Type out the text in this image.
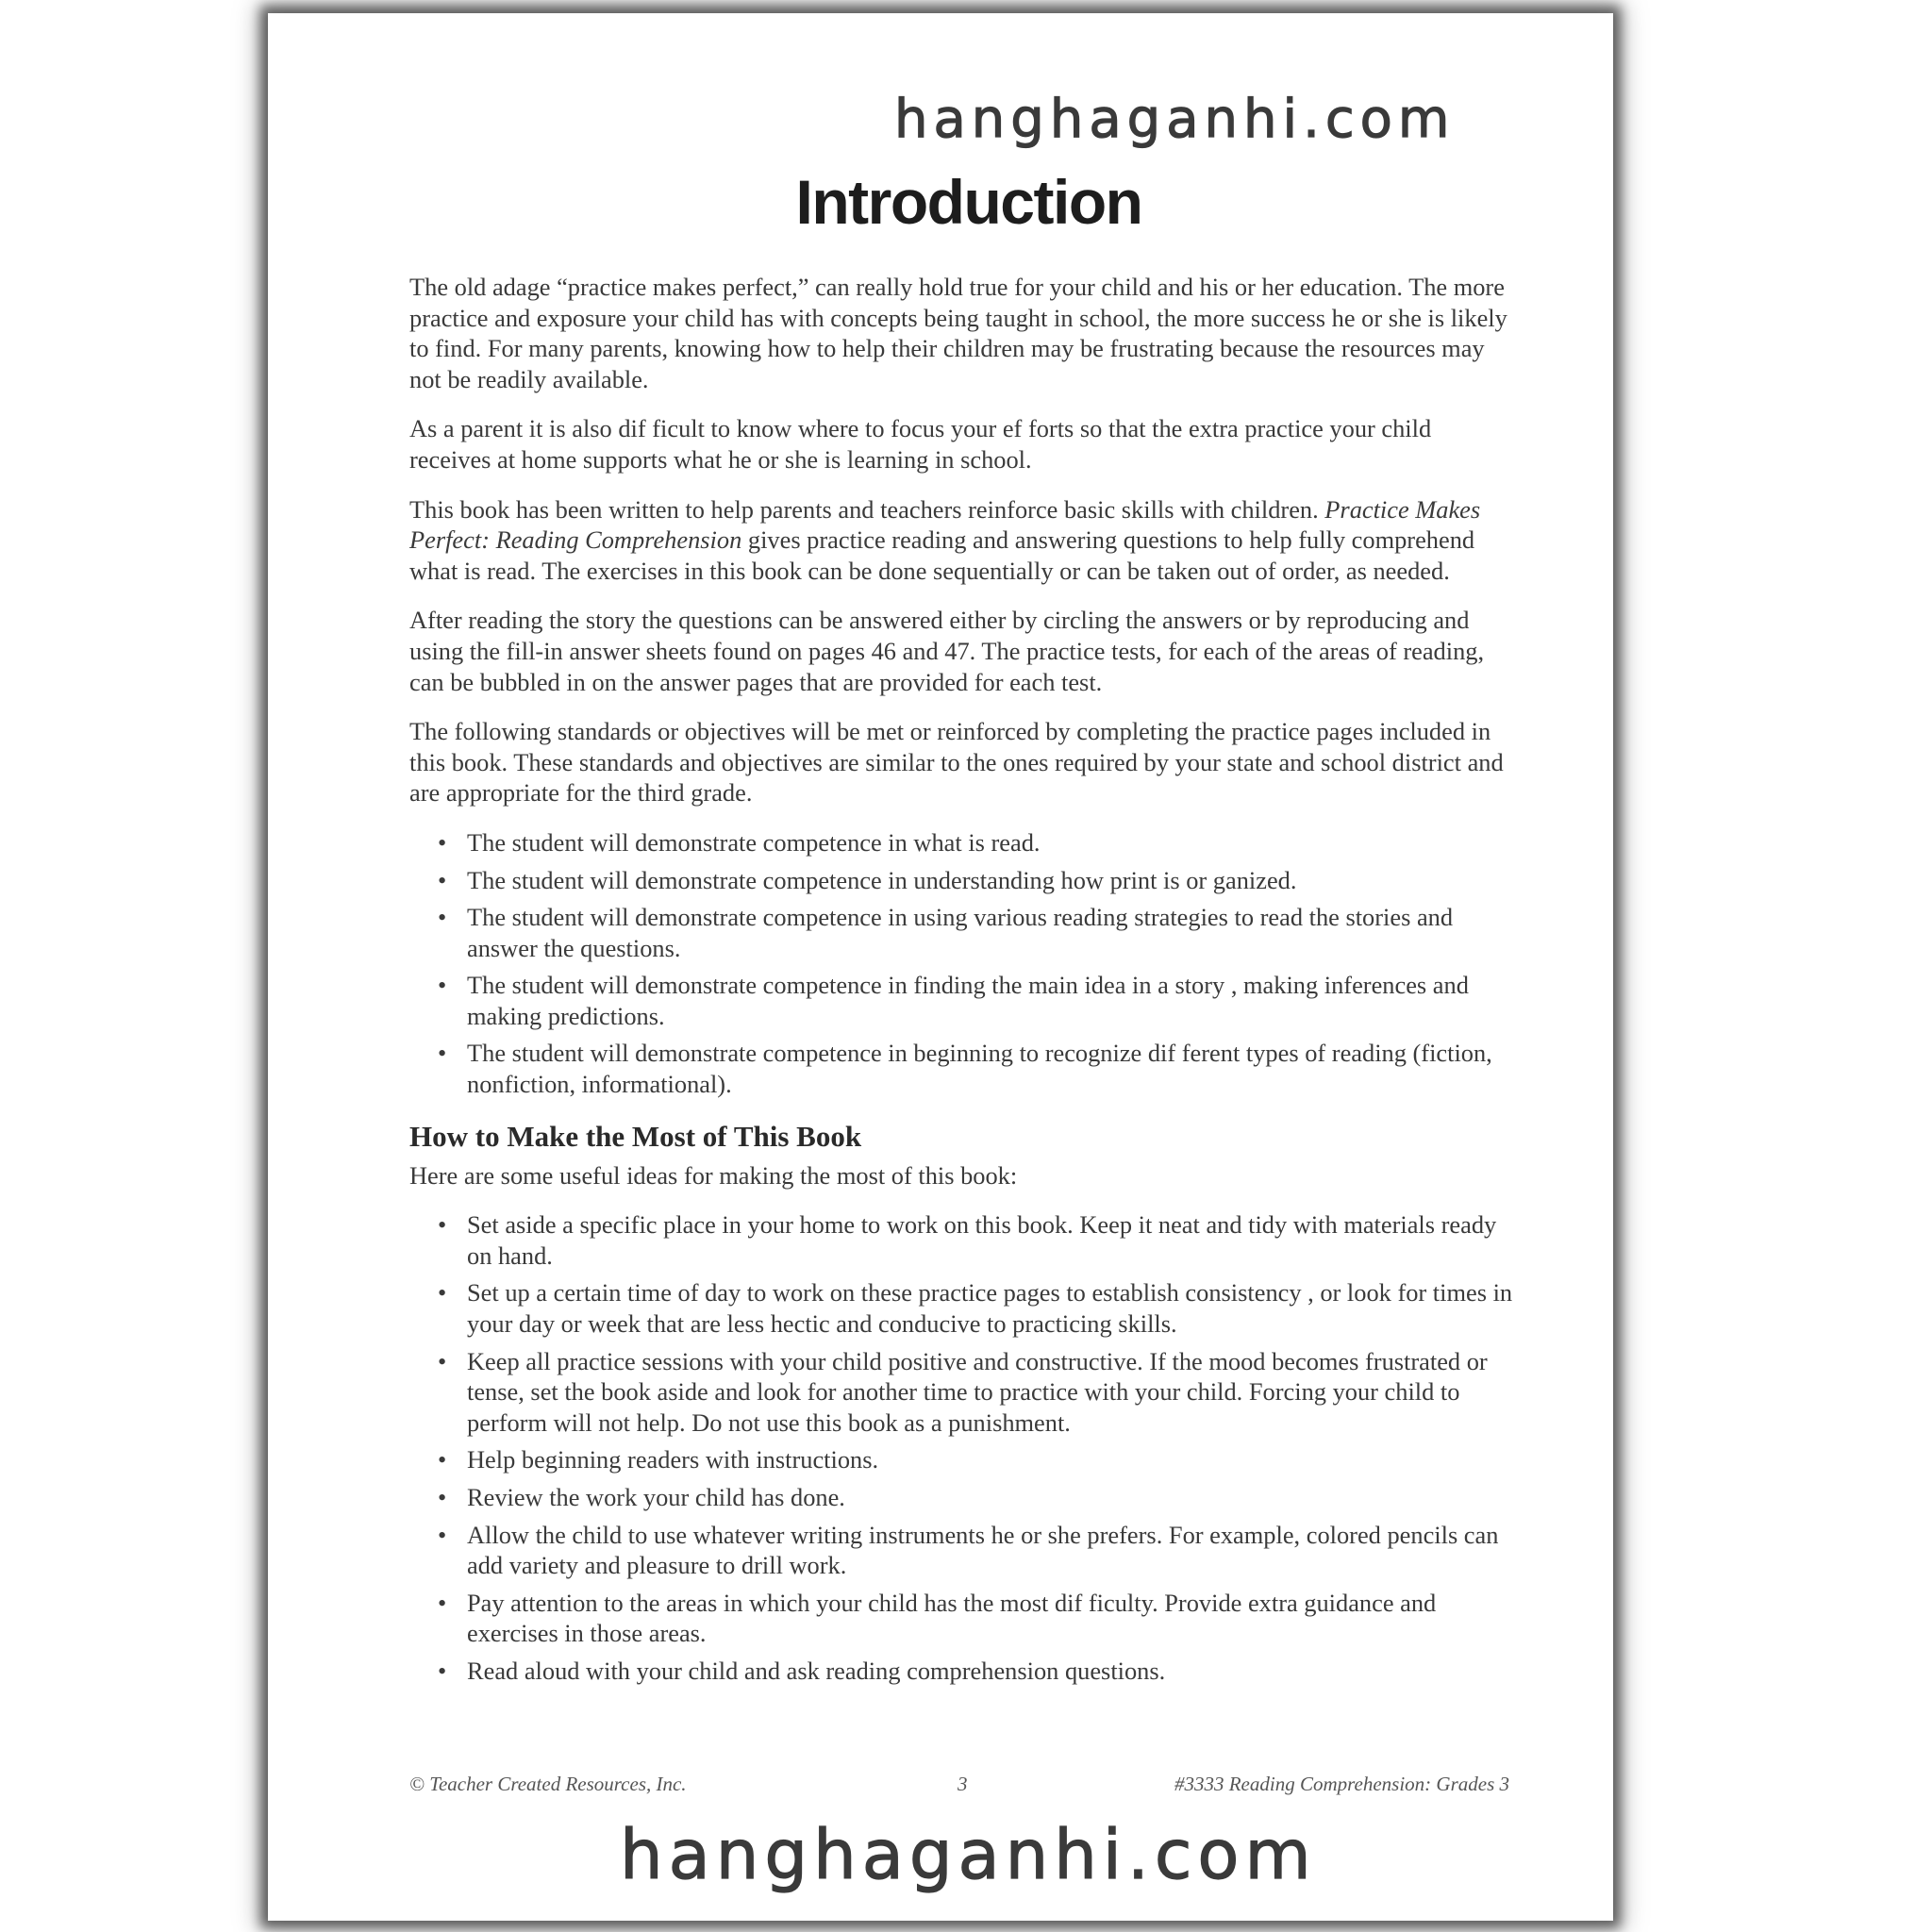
hanghaganhi.com
Introduction

The old adage “practice makes perfect,” can really hold true for your child and his or her education. The more practice and exposure your child has with concepts being taught in school, the more success he or she is likely to find. For many parents, knowing how to help their children may be frustrating because the resources may not be readily available.

As a parent it is also dif ficult to know where to focus your ef forts so that the extra practice your child receives at home supports what he or she is learning in school.

This book has been written to help parents and teachers reinforce basic skills with children. Practice Makes Perfect: Reading Comprehension gives practice reading and answering questions to help fully comprehend what is read. The exercises in this book can be done sequentially or can be taken out of order, as needed.

After reading the story the questions can be answered either by circling the answers or by reproducing and using the fill-in answer sheets found on pages 46 and 47. The practice tests, for each of the areas of reading, can be bubbled in on the answer pages that are provided for each test.

The following standards or objectives will be met or reinforced by completing the practice pages included in this book. These standards and objectives are similar to the ones required by your state and school district and are appropriate for the third grade.

• The student will demonstrate competence in what is read.
• The student will demonstrate competence in understanding how print is or ganized.
• The student will demonstrate competence in using various reading strategies to read the stories and answer the questions.
• The student will demonstrate competence in finding the main idea in a story , making inferences and making predictions.
• The student will demonstrate competence in beginning to recognize dif ferent types of reading (fiction, nonfiction, informational).
How to Make the Most of This Book

Here are some useful ideas for making the most of this book:

• Set aside a specific place in your home to work on this book. Keep it neat and tidy with materials ready on hand.
• Set up a certain time of day to work on these practice pages to establish consistency , or look for times in your day or week that are less hectic and conducive to practicing skills.
• Keep all practice sessions with your child positive and constructive. If the mood becomes frustrated or tense, set the book aside and look for another time to practice with your child. Forcing your child to perform will not help. Do not use this book as a punishment.
• Help beginning readers with instructions.
• Review the work your child has done.
• Allow the child to use whatever writing instruments he or she prefers. For example, colored pencils can add variety and pleasure to drill work.
• Pay attention to the areas in which your child has the most dif ficulty. Provide extra guidance and exercises in those areas.
• Read aloud with your child and ask reading comprehension questions.
© Teacher Created Resources, Inc.	3	#3333 Reading Comprehension: Grades 3
hanghaganhi.com
